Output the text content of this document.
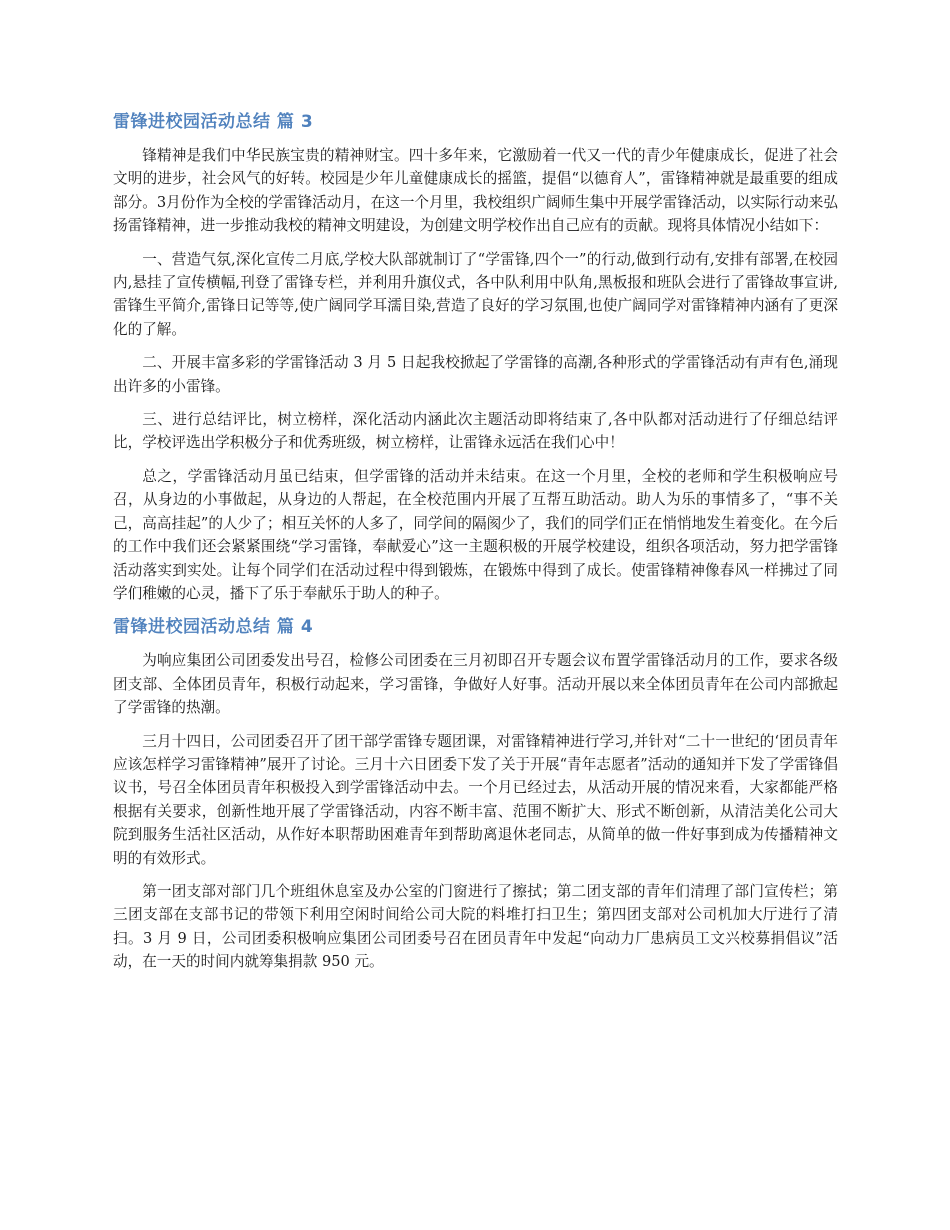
雷锋进校园活动总结 篇 3

锋精神是我们中华民族宝贵的精神财宝。四十多年来，它激励着一代又一代的青少年健康成长，促进了社会文明的进步，社会风气的好转。校园是少年儿童健康成长的摇篮，提倡“以德育人”，雷锋精神就是最重要的组成部分。3月份作为全校的学雷锋活动月，在这一个月里，我校组织广阔师生集中开展学雷锋活动，以实际行动来弘扬雷锋精神，进一步推动我校的精神文明建设，为创建文明学校作出自己应有的贡献。现将具体情况小结如下：

一、营造气氛,深化宣传二月底,学校大队部就制订了“学雷锋,四个一”的行动,做到行动有,安排有部署,在校园内,悬挂了宣传横幅,刊登了雷锋专栏，并利用升旗仪式，各中队利用中队角,黑板报和班队会进行了雷锋故事宣讲,雷锋生平简介,雷锋日记等等,使广阔同学耳濡目染,营造了良好的学习氛围,也使广阔同学对雷锋精神内涵有了更深化的了解。

二、开展丰富多彩的学雷锋活动 3 月 5 日起我校掀起了学雷锋的高潮,各种形式的学雷锋活动有声有色,涌现出许多的小雷锋。

三、进行总结评比，树立榜样，深化活动内涵此次主题活动即将结束了,各中队都对活动进行了仔细总结评比，学校评选出学积极分子和优秀班级，树立榜样，让雷锋永远活在我们心中！

总之，学雷锋活动月虽已结束，但学雷锋的活动并未结束。在这一个月里，全校的老师和学生积极响应号召，从身边的小事做起，从身边的人帮起，在全校范围内开展了互帮互助活动。助人为乐的事情多了，“事不关己，高高挂起”的人少了；相互关怀的人多了，同学间的隔阂少了，我们的同学们正在悄悄地发生着变化。在今后的工作中我们还会紧紧围绕“学习雷锋，奉献爱心”这一主题积极的开展学校建设，组织各项活动，努力把学雷锋活动落实到实处。让每个同学们在活动过程中得到锻炼，在锻炼中得到了成长。使雷锋精神像春风一样拂过了同学们稚嫩的心灵，播下了乐于奉献乐于助人的种子。

雷锋进校园活动总结 篇 4

为响应集团公司团委发出号召，检修公司团委在三月初即召开专题会议布置学雷锋活动月的工作，要求各级团支部、全体团员青年，积极行动起来，学习雷锋，争做好人好事。活动开展以来全体团员青年在公司内部掀起了学雷锋的热潮。

三月十四日，公司团委召开了团干部学雷锋专题团课，对雷锋精神进行学习,并针对“二十一世纪的‘团员青年应该怎样学习雷锋精神”展开了讨论。三月十六日团委下发了关于开展“青年志愿者”活动的通知并下发了学雷锋倡议书，号召全体团员青年积极投入到学雷锋活动中去。一个月已经过去，从活动开展的情况来看，大家都能严格根据有关要求，创新性地开展了学雷锋活动，内容不断丰富、范围不断扩大、形式不断创新，从清洁美化公司大院到服务生活社区活动，从作好本职帮助困难青年到帮助离退休老同志，从简单的做一件好事到成为传播精神文明的有效形式。

第一团支部对部门几个班组休息室及办公室的门窗进行了擦拭；第二团支部的青年们清理了部门宣传栏；第三团支部在支部书记的带领下利用空闲时间给公司大院的料堆打扫卫生；第四团支部对公司机加大厅进行了清扫。3 月 9 日，公司团委积极响应集团公司团委号召在团员青年中发起“向动力厂患病员工文兴校募捐倡议”活动，在一天的时间内就筹集捐款 950 元。
